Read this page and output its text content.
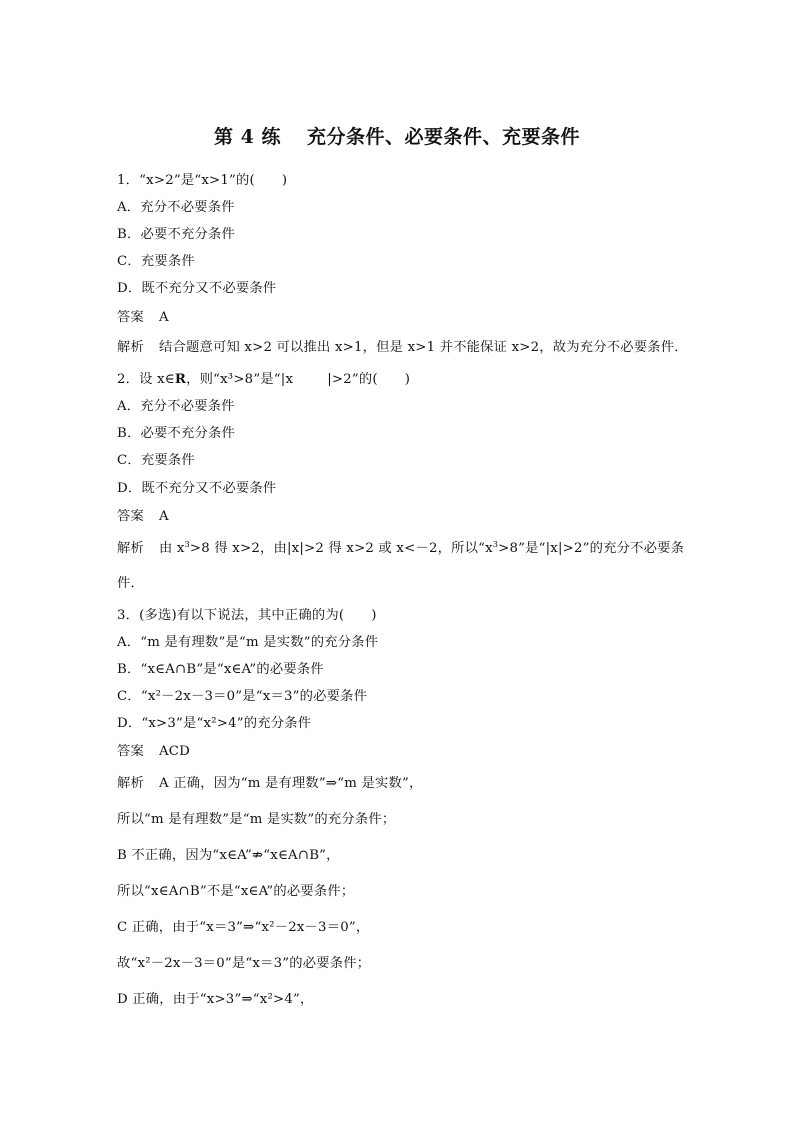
第 4 练 充分条件、必要条件、充要条件
1．“x>2”是“x>1”的(　　)
A．充分不必要条件
B．必要不充分条件
C．充要条件
D．既不充分又不必要条件
答案 A
解析 结合题意可知 x>2 可以推出 x>1，但是 x>1 并不能保证 x>2，故为充分不必要条件．
2．设 x∈R，则“x³>8”是“|x	|>2”的(　　)
A．充分不必要条件
B．必要不充分条件
C．充要条件
D．既不充分又不必要条件
答案 A
解析 由 $x^3>8$ 得 x>2，由|x|>2 得 x>2 或 x<－2，所以“$x^3>8$”是“|x|>2”的充分不必要条
件．
3．(多选)有以下说法，其中正确的为(　　)
A．“m 是有理数”是“m 是实数”的充分条件
B．“x∈A∩B”是“x∈A”的必要条件
C．“x²－2x－3＝0”是“x＝3”的必要条件
D．“x>3”是“x²>4”的充分条件
答案 ACD
解析 A 正确，因为“m 是有理数”⇒“m 是实数”，
所以“m 是有理数”是“m 是实数”的充分条件；
B 不正确，因为“x∈A”⇏“x∈A∩B”，
所以“x∈A∩B”不是“x∈A”的必要条件；
C 正确，由于“x＝3”⇒“x²－2x－3＝0”，
故“x²－2x－3＝0”是“x＝3”的必要条件；
D 正确，由于“x>3”⇒“x²>4”，
